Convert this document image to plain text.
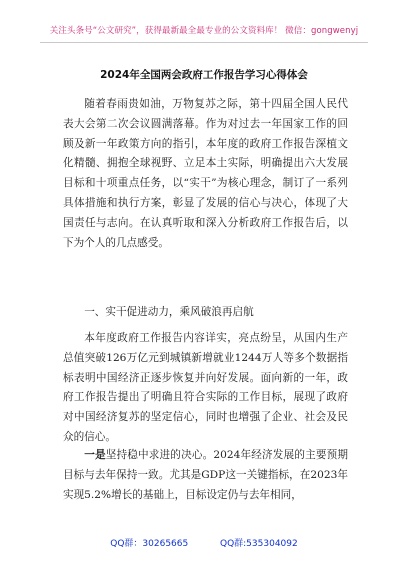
关注头条号“公文研究”，获得最新最全最专业的公文资料库！ 微信：gongwenyj
2024年全国两会政府工作报告学习心得体会

随着春雨贵如油，万物复苏之际，第十四届全国人民代表大会第二次会议圆满落幕。作为对过去一年国家工作的回顾及新一年政策方向的指引，本年度的政府工作报告深植文化精髓、拥抱全球视野、立足本土实际，明确提出六大发展目标和十项重点任务，以“实干”为核心理念，制订了一系列具体措施和执行方案，彰显了发展的信心与决心，体现了大国责任与志向。在认真听取和深入分析政府工作报告后，以下为个人的几点感受。

一、实干促进动力，乘风破浪再启航

本年度政府工作报告内容详实，亮点纷呈，从国内生产总值突破126万亿元到城镇新增就业1244万人等多个数据指标表明中国经济正逐步恢复并向好发展。面向新的一年，政府工作报告提出了明确且符合实际的工作目标，展现了政府对中国经济复苏的坚定信心，同时也增强了企业、社会及民众的信心。

一是坚持稳中求进的决心。2024年经济发展的主要预期目标与去年保持一致。尤其是GDP这一关键指标，在2023年实现5.2%增长的基础上，目标设定仍与去年相同，

QQ群：30265665	QQ群:535304092
